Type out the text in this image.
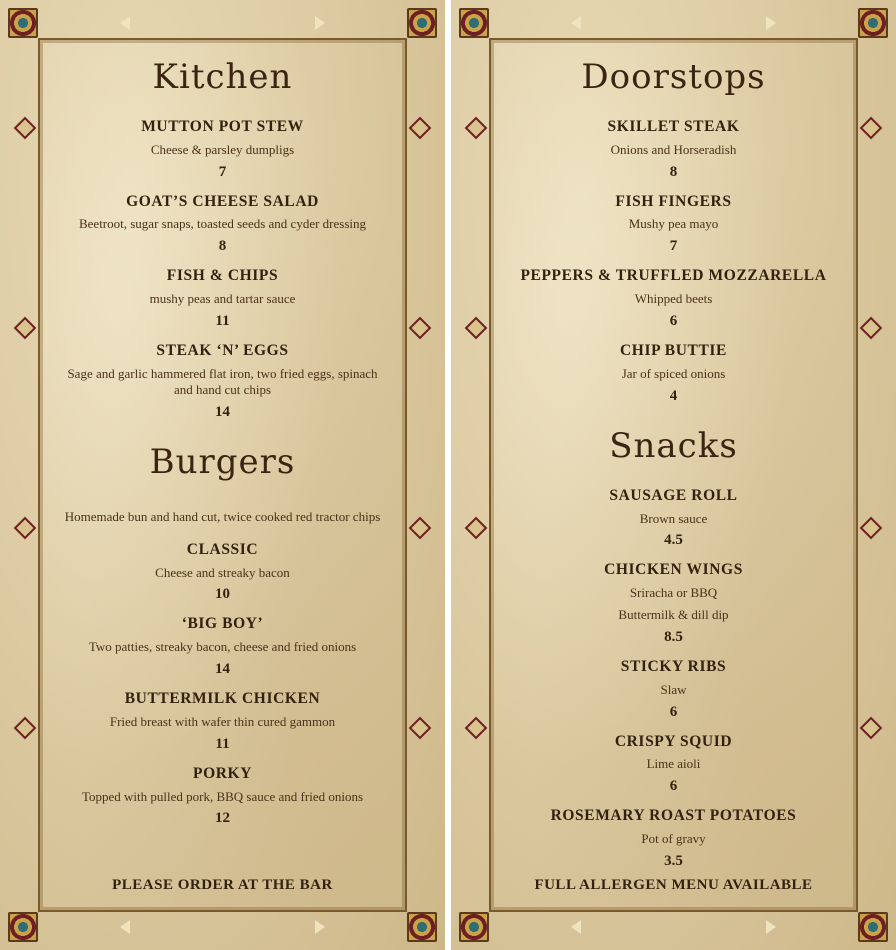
Kitchen
MUTTON POT STEW
Cheese & parsley dumpligs
7
GOAT’S CHEESE SALAD
Beetroot, sugar snaps, toasted seeds and cyder dressing
8
FISH & CHIPS
mushy peas and tartar sauce
11
STEAK ‘N’ EGGS
Sage and garlic hammered flat iron, two fried eggs, spinach and hand cut chips
14
Burgers
Homemade bun and hand cut, twice cooked red tractor chips
CLASSIC
Cheese and streaky bacon
10
‘BIG BOY’
Two patties, streaky bacon, cheese and fried onions
14
BUTTERMILK CHICKEN
Fried breast with wafer thin cured gammon
11
PORKY
Topped with pulled pork, BBQ sauce and fried onions
12
PLEASE ORDER AT THE BAR
Doorstops
SKILLET STEAK
Onions and Horseradish
8
FISH FINGERS
Mushy pea mayo
7
PEPPERS & TRUFFLED MOZZARELLA
Whipped beets
6
CHIP BUTTIE
Jar of spiced onions
4
Snacks
SAUSAGE ROLL
Brown sauce
4.5
CHICKEN WINGS
Sriracha or BBQ
Buttermilk & dill dip
8.5
STICKY RIBS
Slaw
6
CRISPY SQUID
Lime aioli
6
ROSEMARY ROAST POTATOES
Pot of gravy
3.5
FULL ALLERGEN MENU AVAILABLE
